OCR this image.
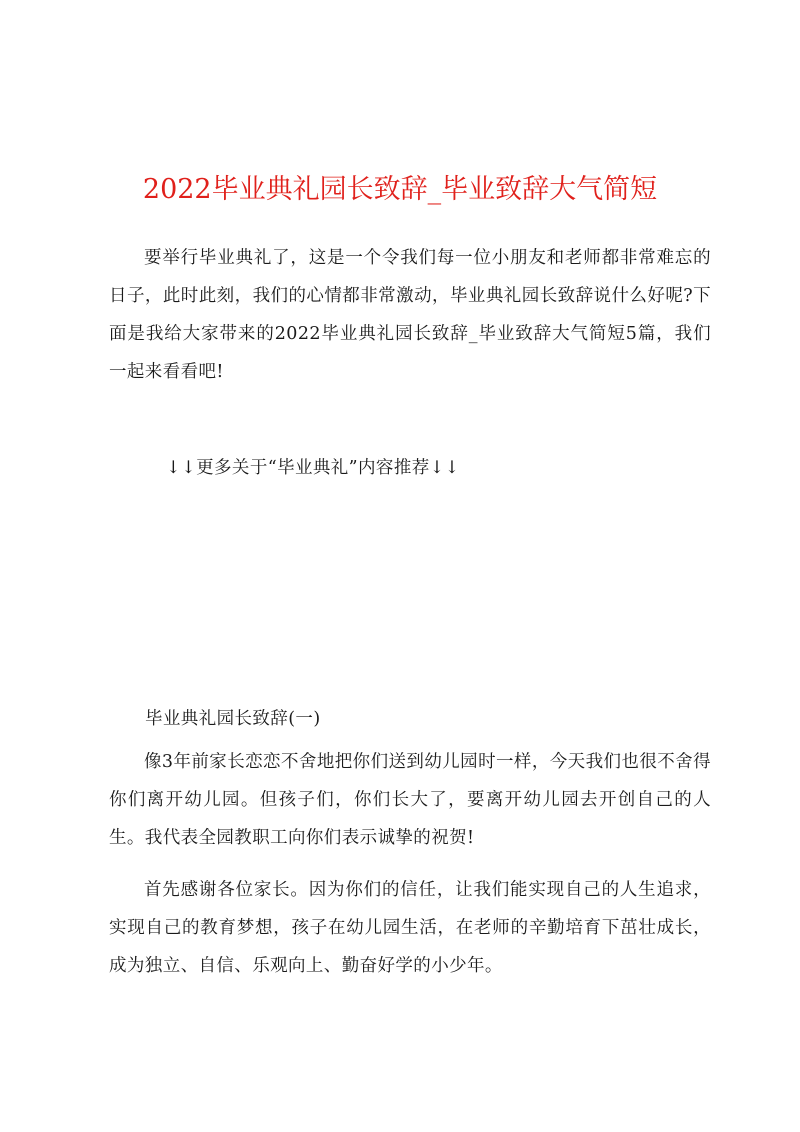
2022毕业典礼园长致辞_毕业致辞大气简短

要举行毕业典礼了，这是一个令我们每一位小朋友和老师都非常难忘的日子，此时此刻，我们的心情都非常激动，毕业典礼园长致辞说什么好呢?下面是我给大家带来的2022毕业典礼园长致辞_毕业致辞大气简短5篇，我们一起来看看吧!

↓↓更多关于“毕业典礼”内容推荐↓↓
毕业典礼园长致辞(一)

像3年前家长恋恋不舍地把你们送到幼儿园时一样，今天我们也很不舍得你们离开幼儿园。但孩子们，你们长大了，要离开幼儿园去开创自己的人生。我代表全园教职工向你们表示诚挚的祝贺!

首先感谢各位家长。因为你们的信任，让我们能实现自己的人生追求，实现自己的教育梦想，孩子在幼儿园生活，在老师的辛勤培育下茁壮成长，成为独立、自信、乐观向上、勤奋好学的小少年。
